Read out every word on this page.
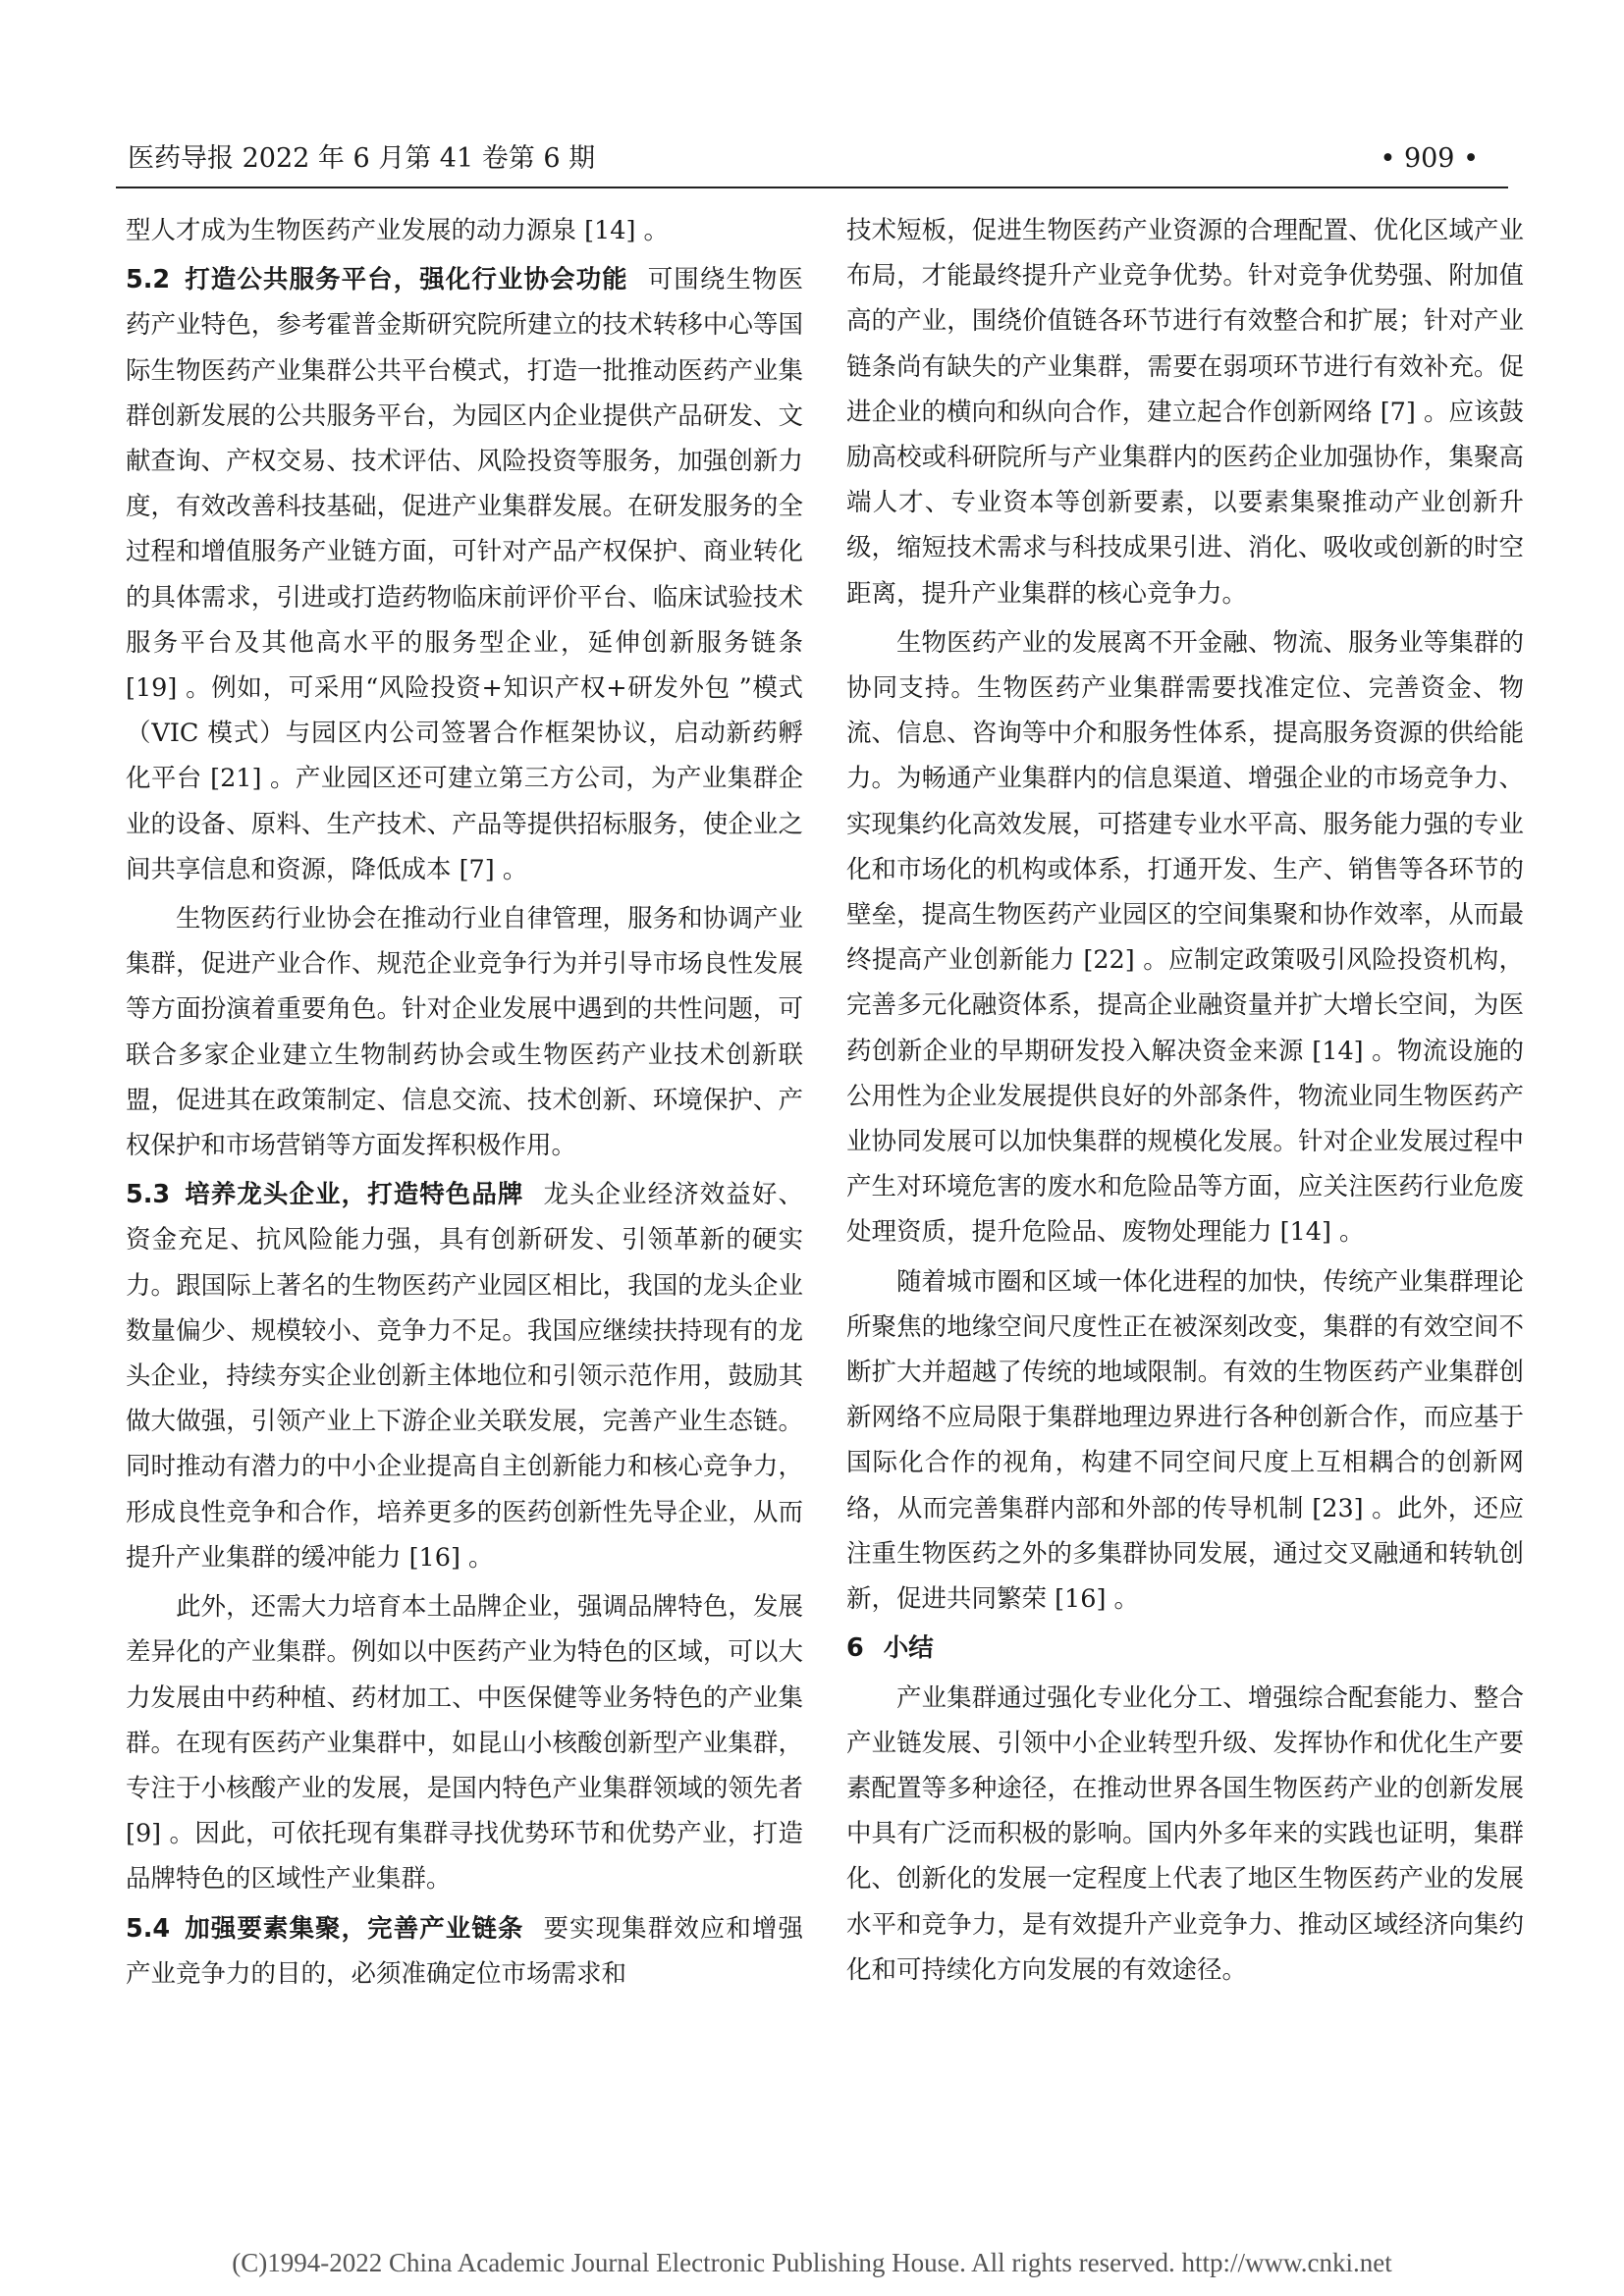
医药导报 2022 年 6 月第 41 卷第 6 期	• 909 •

型人才成为生物医药产业发展的动力源泉 [14] 。

5.2 打造公共服务平台，强化行业协会功能 可围绕生物医药产业特色，参考霍普金斯研究院所建立的技术转移中心等国际生物医药产业集群公共平台模式，打造一批推动医药产业集群创新发展的公共服务平台，为园区内企业提供产品研发、文献查询、产权交易、技术评估、风险投资等服务，加强创新力度，有效改善科技基础，促进产业集群发展。在研发服务的全过程和增值服务产业链方面，可针对产品产权保护、商业转化的具体需求，引进或打造药物临床前评价平台、临床试验技术服务平台及其他高水平的服务型企业，延伸创新服务链条 [19] 。例如，可采用“风险投资+知识产权+研发外包 ”模式（VIC 模式）与园区内公司签署合作框架协议，启动新药孵化平台 [21] 。产业园区还可建立第三方公司，为产业集群企业的设备、原料、生产技术、产品等提供招标服务，使企业之间共享信息和资源，降低成本 [7] 。

生物医药行业协会在推动行业自律管理，服务和协调产业集群，促进产业合作、规范企业竞争行为并引导市场良性发展等方面扮演着重要角色。针对企业发展中遇到的共性问题，可联合多家企业建立生物制药协会或生物医药产业技术创新联盟，促进其在政策制定、信息交流、技术创新、环境保护、产权保护和市场营销等方面发挥积极作用。

5.3 培养龙头企业，打造特色品牌 龙头企业经济效益好、资金充足、抗风险能力强，具有创新研发、引领革新的硬实力。跟国际上著名的生物医药产业园区相比，我国的龙头企业数量偏少、规模较小、竞争力不足。我国应继续扶持现有的龙头企业，持续夯实企业创新主体地位和引领示范作用，鼓励其做大做强，引领产业上下游企业关联发展，完善产业生态链。同时推动有潜力的中小企业提高自主创新能力和核心竞争力，形成良性竞争和合作，培养更多的医药创新性先导企业，从而提升产业集群的缓冲能力 [16] 。

此外，还需大力培育本土品牌企业，强调品牌特色，发展差异化的产业集群。例如以中医药产业为特色的区域，可以大力发展由中药种植、药材加工、中医保健等业务特色的产业集群。在现有医药产业集群中，如昆山小核酸创新型产业集群，专注于小核酸产业的发展，是国内特色产业集群领域的领先者 [9] 。因此，可依托现有集群寻找优势环节和优势产业，打造品牌特色的区域性产业集群。

5.4 加强要素集聚，完善产业链条 要实现集群效应和增强产业竞争力的目的，必须准确定位市场需求和

技术短板，促进生物医药产业资源的合理配置、优化区域产业布局，才能最终提升产业竞争优势。针对竞争优势强、附加值高的产业，围绕价值链各环节进行有效整合和扩展；针对产业链条尚有缺失的产业集群，需要在弱项环节进行有效补充。促进企业的横向和纵向合作，建立起合作创新网络 [7] 。应该鼓励高校或科研院所与产业集群内的医药企业加强协作，集聚高端人才、专业资本等创新要素，以要素集聚推动产业创新升级，缩短技术需求与科技成果引进、消化、吸收或创新的时空距离，提升产业集群的核心竞争力。

生物医药产业的发展离不开金融、物流、服务业等集群的协同支持。生物医药产业集群需要找准定位、完善资金、物流、信息、咨询等中介和服务性体系，提高服务资源的供给能力。为畅通产业集群内的信息渠道、增强企业的市场竞争力、实现集约化高效发展，可搭建专业水平高、服务能力强的专业化和市场化的机构或体系，打通开发、生产、销售等各环节的壁垒，提高生物医药产业园区的空间集聚和协作效率，从而最终提高产业创新能力 [22] 。应制定政策吸引风险投资机构，完善多元化融资体系，提高企业融资量并扩大增长空间，为医药创新企业的早期研发投入解决资金来源 [14] 。物流设施的公用性为企业发展提供良好的外部条件，物流业同生物医药产业协同发展可以加快集群的规模化发展。针对企业发展过程中产生对环境危害的废水和危险品等方面，应关注医药行业危废处理资质，提升危险品、废物处理能力 [14] 。

随着城市圈和区域一体化进程的加快，传统产业集群理论所聚焦的地缘空间尺度性正在被深刻改变，集群的有效空间不断扩大并超越了传统的地域限制。有效的生物医药产业集群创新网络不应局限于集群地理边界进行各种创新合作，而应基于国际化合作的视角，构建不同空间尺度上互相耦合的创新网络，从而完善集群内部和外部的传导机制 [23] 。此外，还应注重生物医药之外的多集群协同发展，通过交叉融通和转轨创新，促进共同繁荣 [16] 。

6 小结

产业集群通过强化专业化分工、增强综合配套能力、整合产业链发展、引领中小企业转型升级、发挥协作和优化生产要素配置等多种途径，在推动世界各国生物医药产业的创新发展中具有广泛而积极的影响。国内外多年来的实践也证明，集群化、创新化的发展一定程度上代表了地区生物医药产业的发展水平和竞争力，是有效提升产业竞争力、推动区域经济向集约化和可持续化方向发展的有效途径。

(C)1994-2022 China Academic Journal Electronic Publishing House. All rights reserved. http://www.cnki.net
